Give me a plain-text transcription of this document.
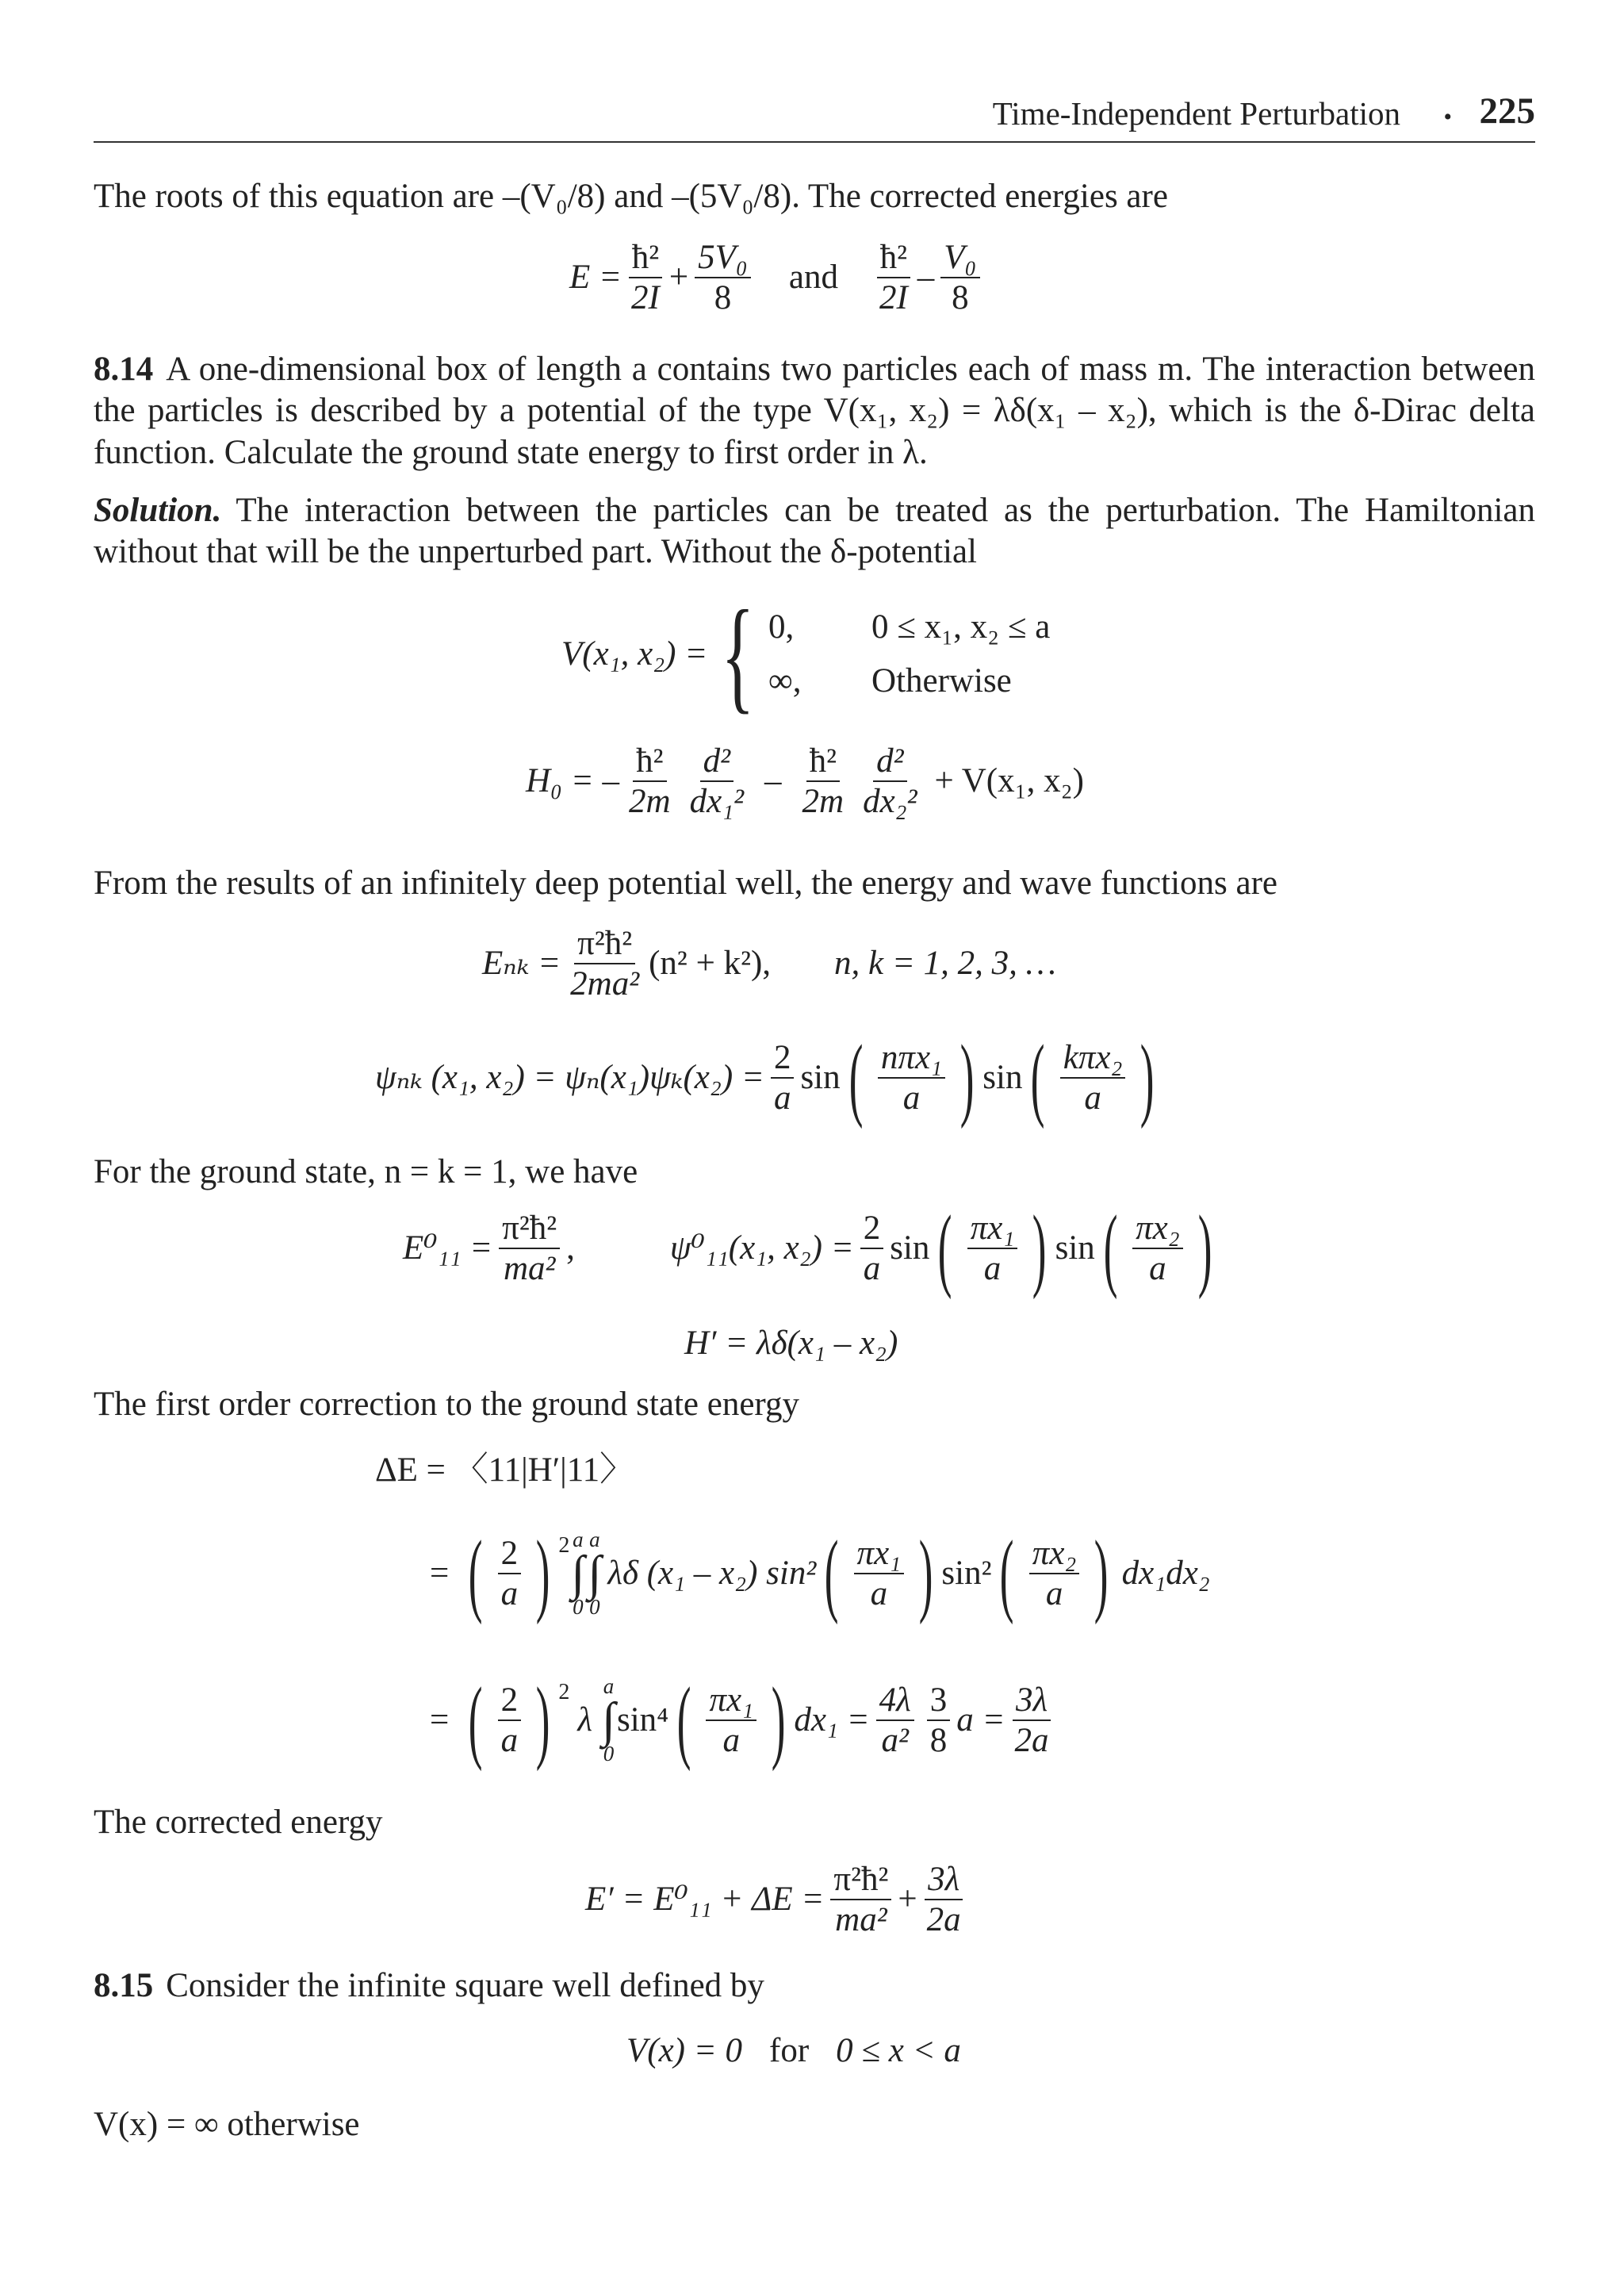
Time-Independent Perturbation • 225
The roots of this equation are –(V₀/8) and –(5V₀/8). The corrected energies are
$E = \frac{\text{ħ²}}{2I} + \frac{\text{5V₀}}{8}$ and $\frac{\text{ħ²}}{2I} - \frac{\text{V₀}}{8}$
8.14 A one-dimensional box of length a contains two particles each of mass m. The interaction between the particles is described by a potential of the type V(x₁, x₂) = λδ(x₁ – x₂), which is the δ-Dirac delta function. Calculate the ground state energy to first order in λ.
Solution. The interaction between the particles can be treated as the perturbation. The Hamiltonian without that will be the unperturbed part. Without the δ-potential
V(x₁, x₂) = { 0,	0 ≤ x₁, x₂ ≤ a
∞,	Otherwise
H₀ = – $\frac{\text{ħ²}}{2m} \frac{\text{d²}}{\text{dx₁²}} - \frac{\text{ħ²}}{2m} \frac{\text{d²}}{\text{dx₂²}} + V(x_1$, x₂)
From the results of an infinitely deep potential well, the energy and wave functions are
$E_{nk} = \frac{\text{π²ħ²}}{\text{2ma²}} (n^2 + k^2)$, n, k = 1, 2, 3, …
ψₙₖ (x₁, $x_2) = \psi_n(x_1)\psi_k(x_2) = \frac{2}{a}$ sin ( $\frac{\text{nπx₁}}{a}$ ) sin ( $\frac{\text{kπx₂}}{a}$ )
For the ground state, n = k = 1, we have
$E^0_{11} = \frac{\text{π²ħ²}}{\text{ma²}}$ ,	ψ⁰₁₁(x₁, $x_2) = \frac{2}{a}$ sin ( $\frac{\text{πx₁}}{a}$ ) sin ( $\frac{\text{πx₂}}{a}$ )
H′ = λδ(x₁ – x₂)
The first order correction to the ground state energy
ΔE = 〈11|H′|11〉
= ( $\frac{2}{a}$ ) 2 a
∫
0
a
∫
0
λδ (x₁ – x₂) sin² ( $\frac{\text{πx₁}}{a}$ ) sin² ( $\frac{\text{πx₂}}{a}$ ) dx₁dx₂
= ( $\frac{2}{a}$ ) 2
λ
a
∫
0
sin⁴ ( $\frac{\text{πx₁}}{a}$ ) $dx_1 = \frac{4\lambda}{\text{a²}} \frac{3}{8}$ $a = \frac{3\lambda}{2a}$
The corrected energy
$E' = E^0_{11} + \Delta E = \frac{\text{π²ħ²}}{\text{ma²}} + \frac{3\lambda}{2a}$
8.15 Consider the infinite square well defined by
V(x) = 0 for 0 ≤ x < a
V(x) = ∞ otherwise
